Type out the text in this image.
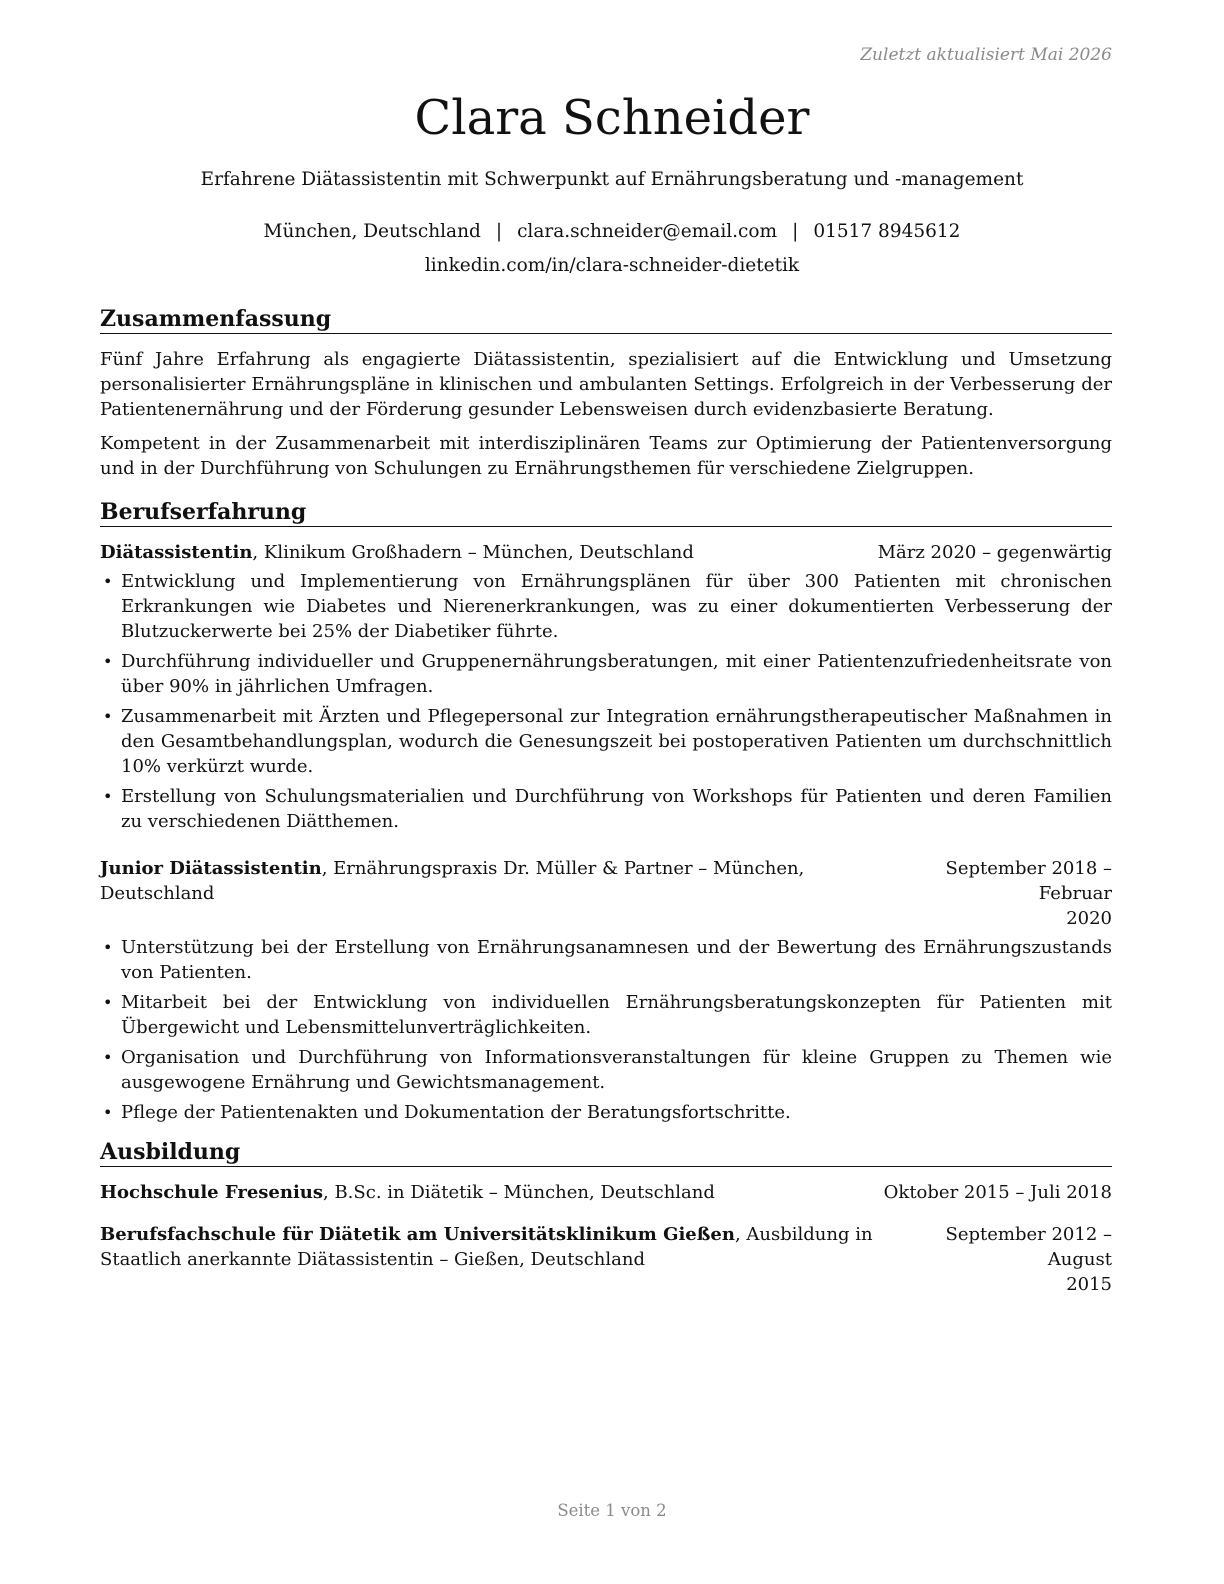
Zuletzt aktualisiert Mai 2026
Clara Schneider
Erfahrene Diätassistentin mit Schwerpunkt auf Ernährungsberatung und -management
München, Deutschland | clara.schneider@email.com | 01517 8945612
linkedin.com/in/clara-schneider-dietetik
Zusammenfassung

Fünf Jahre Erfahrung als engagierte Diätassistentin, spezialisiert auf die Entwicklung und Umsetzung personalisierter Ernährungspläne in klinischen und ambulanten Settings. Erfolgreich in der Verbesserung der Patientenernährung und der Förderung gesunder Lebensweisen durch evidenzbasierte Beratung.

Kompetent in der Zusammenarbeit mit interdisziplinären Teams zur Optimierung der Patientenversorgung und in der Durchführung von Schulungen zu Ernährungsthemen für verschiedene Zielgruppen.

Berufserfahrung
Diätassistentin, Klinikum Großhadern – München, Deutschland	März 2020 – gegenwärtig
• Entwicklung und Implementierung von Ernährungsplänen für über 300 Patienten mit chronischen Erkrankungen wie Diabetes und Nierenerkrankungen, was zu einer dokumentierten Verbesserung der Blutzuckerwerte bei 25% der Diabetiker führte.
• Durchführung individueller und Gruppenernährungsberatungen, mit einer Patientenzufriedenheitsrate von über 90% in jährlichen Umfragen.
• Zusammenarbeit mit Ärzten und Pflegepersonal zur Integration ernährungstherapeutischer Maßnahmen in den Gesamtbehandlungsplan, wodurch die Genesungszeit bei postoperativen Patienten um durchschnittlich 10% verkürzt wurde.
• Erstellung von Schulungsmaterialien und Durchführung von Workshops für Patienten und deren Familien zu verschiedenen Diätthemen.
Junior Diätassistentin, Ernährungspraxis Dr. Müller & Partner – München, Deutschland
September 2018 – Februar
2020
• Unterstützung bei der Erstellung von Ernährungsanamnesen und der Bewertung des Ernährungszustands von Patienten.
• Mitarbeit bei der Entwicklung von individuellen Ernährungsberatungskonzepten für Patienten mit Übergewicht und Lebensmittelunverträglichkeiten.
• Organisation und Durchführung von Informationsveranstaltungen für kleine Gruppen zu Themen wie ausgewogene Ernährung und Gewichtsmanagement.
• Pflege der Patientenakten und Dokumentation der Beratungsfortschritte.
Ausbildung
Hochschule Fresenius, B.Sc. in Diätetik – München, Deutschland	Oktober 2015 – Juli 2018
Berufsfachschule für Diätetik am Universitätsklinikum Gießen, Ausbildung in Staatlich anerkannte Diätassistentin – Gießen, Deutschland
September 2012 – August
2015
Seite 1 von 2
